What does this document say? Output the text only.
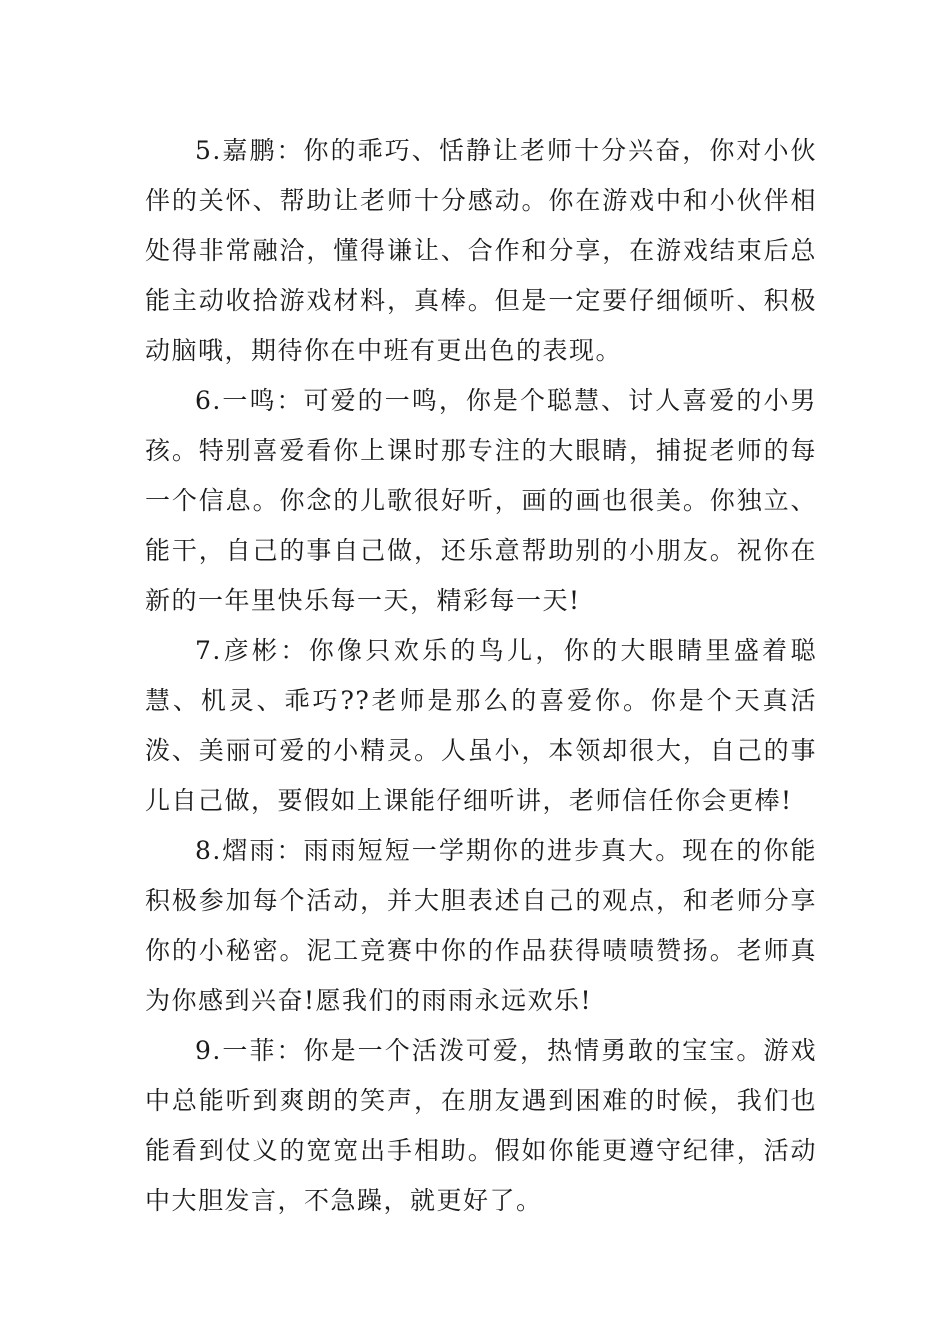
5.嘉鹏：你的乖巧、恬静让老师十分兴奋，你对小伙伴的关怀、帮助让老师十分感动。你在游戏中和小伙伴相处得非常融洽，懂得谦让、合作和分享，在游戏结束后总能主动收拾游戏材料，真棒。但是一定要仔细倾听、积极动脑哦，期待你在中班有更出色的表现。

6.一鸣：可爱的一鸣，你是个聪慧、讨人喜爱的小男孩。特别喜爱看你上课时那专注的大眼睛，捕捉老师的每一个信息。你念的儿歌很好听，画的画也很美。你独立、能干，自己的事自己做，还乐意帮助别的小朋友。祝你在新的一年里快乐每一天，精彩每一天!

7.彦彬：你像只欢乐的鸟儿，你的大眼睛里盛着聪慧、机灵、乖巧??老师是那么的喜爱你。你是个天真活泼、美丽可爱的小精灵。人虽小，本领却很大，自己的事儿自己做，要假如上课能仔细听讲，老师信任你会更棒!

8.熠雨：雨雨短短一学期你的进步真大。现在的你能积极参加每个活动，并大胆表述自己的观点，和老师分享你的小秘密。泥工竞赛中你的作品获得啧啧赞扬。老师真为你感到兴奋!愿我们的雨雨永远欢乐!

9.一菲：你是一个活泼可爱，热情勇敢的宝宝。游戏中总能听到爽朗的笑声，在朋友遇到困难的时候，我们也能看到仗义的宽宽出手相助。假如你能更遵守纪律，活动中大胆发言，不急躁，就更好了。
